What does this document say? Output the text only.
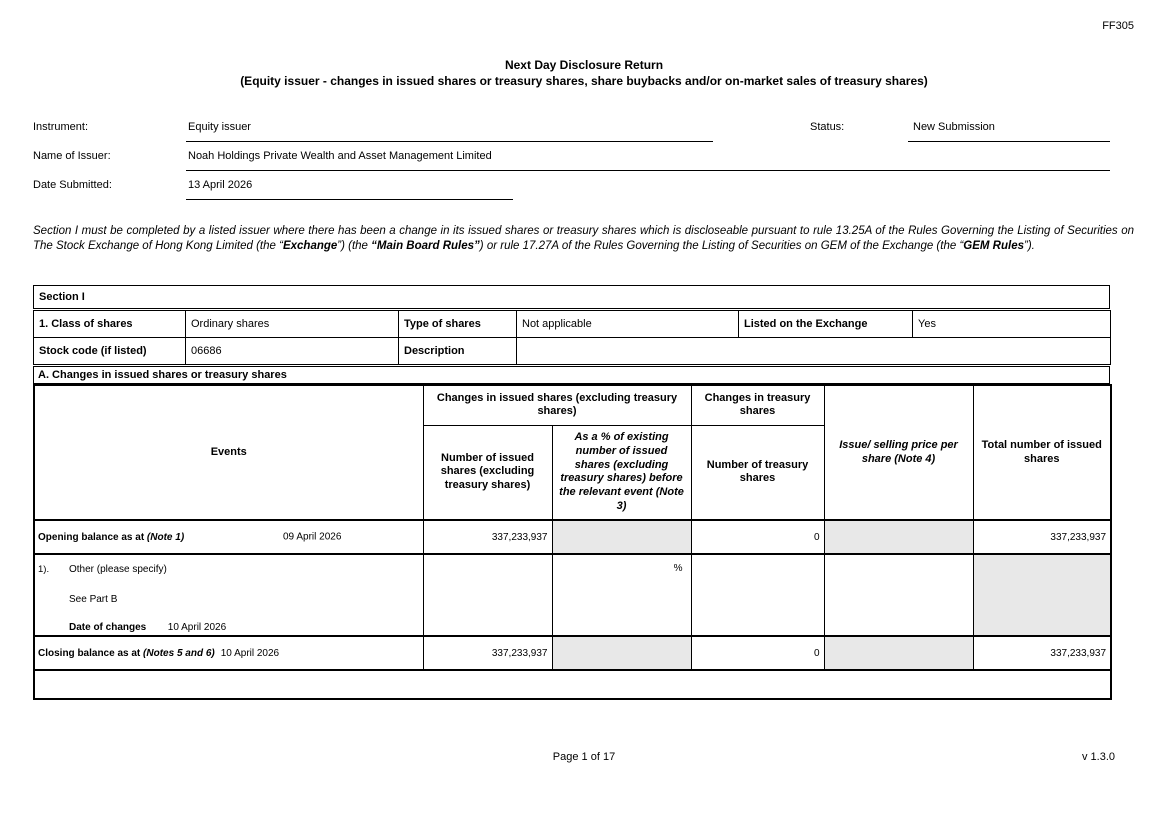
FF305
Next Day Disclosure Return
(Equity issuer - changes in issued shares or treasury shares, share buybacks and/or on-market sales of treasury shares)
Instrument:	Equity issuer	Status:	New Submission
Name of Issuer:	Noah Holdings Private Wealth and Asset Management Limited
Date Submitted:	13 April 2026
Section I must be completed by a listed issuer where there has been a change in its issued shares or treasury shares which is discloseable pursuant to rule 13.25A of the Rules Governing the Listing of Securities on The Stock Exchange of Hong Kong Limited (the “Exchange”) (the “Main Board Rules”) or rule 17.27A of the Rules Governing the Listing of Securities on GEM of the Exchange (the “GEM Rules”).
Section I
1. Class of shares	Ordinary shares	Type of shares	Not applicable	Listed on the Exchange	Yes
Stock code (if listed)	06686	Description			
A. Changes in issued shares or treasury shares
Events	Changes in issued shares (excluding treasury shares)		Changes in treasury shares	Issue/ selling price per share (Note 4)	Total number of issued shares
	Number of issued shares (excluding treasury shares)	As a % of existing number of issued shares (excluding treasury shares) before the relevant event (Note 3)	Number of treasury shares		
Opening balance as at (Note 1) 09 April 2026	337,233,937		0		337,233,937

1). Other (please specify)
See Part B
Date of changes 10 April 2026		%			
Closing balance as at (Notes 5 and 6) 10 April 2026	337,233,937		0		337,233,937

Page 1 of 17	v 1.3.0
